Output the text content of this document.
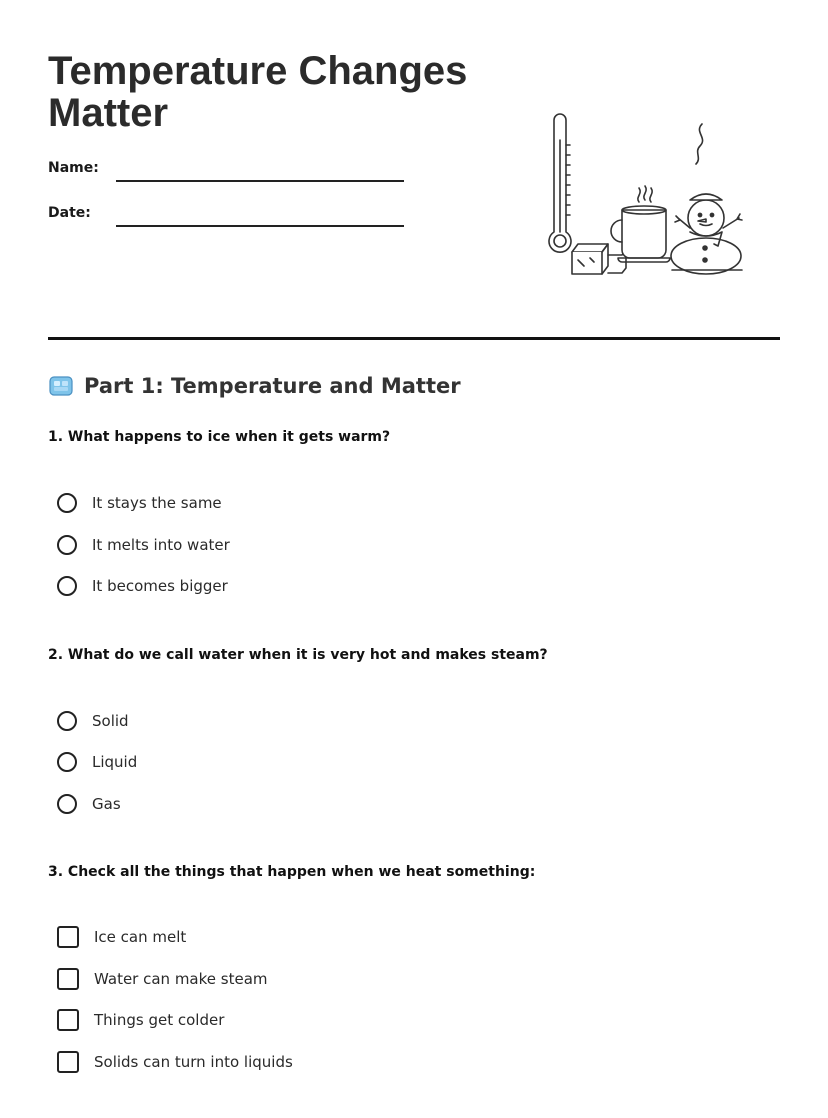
Temperature Changes Matter
Name:
Date:
Part 1: Temperature and Matter
1. What happens to ice when it gets warm?
It stays the same
It melts into water
It becomes bigger
2. What do we call water when it is very hot and makes steam?
Solid
Liquid
Gas
3. Check all the things that happen when we heat something:
Ice can melt
Water can make steam
Things get colder
Solids can turn into liquids
